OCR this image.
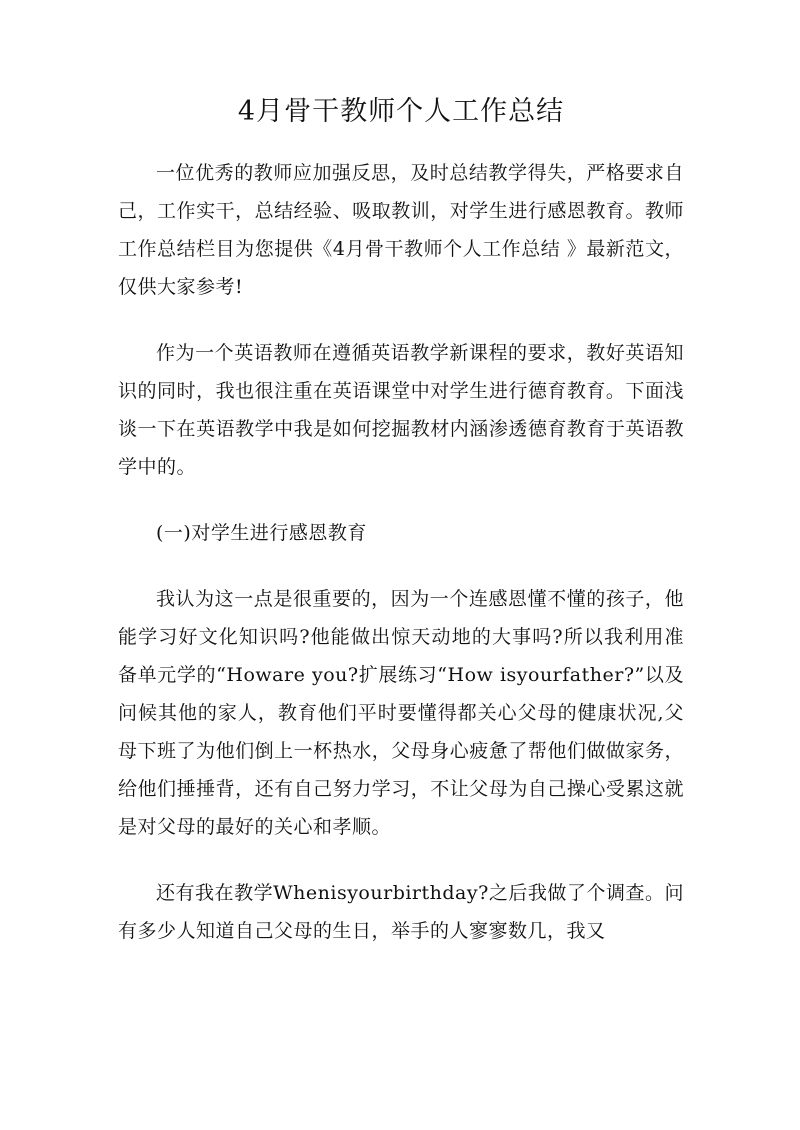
4月骨干教师个人工作总结

一位优秀的教师应加强反思，及时总结教学得失，严格要求自己，工作实干，总结经验、吸取教训，对学生进行感恩教育。教师工作总结栏目为您提供《4月骨干教师个人工作总结 》最新范文，仅供大家参考!

作为一个英语教师在遵循英语教学新课程的要求，教好英语知识的同时，我也很注重在英语课堂中对学生进行德育教育。下面浅谈一下在英语教学中我是如何挖掘教材内涵渗透德育教育于英语教学中的。

(一)对学生进行感恩教育

我认为这一点是很重要的，因为一个连感恩懂不懂的孩子，他能学习好文化知识吗?他能做出惊天动地的大事吗?所以我利用准备单元学的“Howare you?扩展练习“How isyourfather?”以及问候其他的家人，教育他们平时要懂得都关心父母的健康状况,父母下班了为他们倒上一杯热水，父母身心疲惫了帮他们做做家务，给他们捶捶背，还有自己努力学习，不让父母为自己操心受累这就是对父母的最好的关心和孝顺。

还有我在教学Whenisyourbirthday?之后我做了个调查。问有多少人知道自己父母的生日，举手的人寥寥数几，我又
